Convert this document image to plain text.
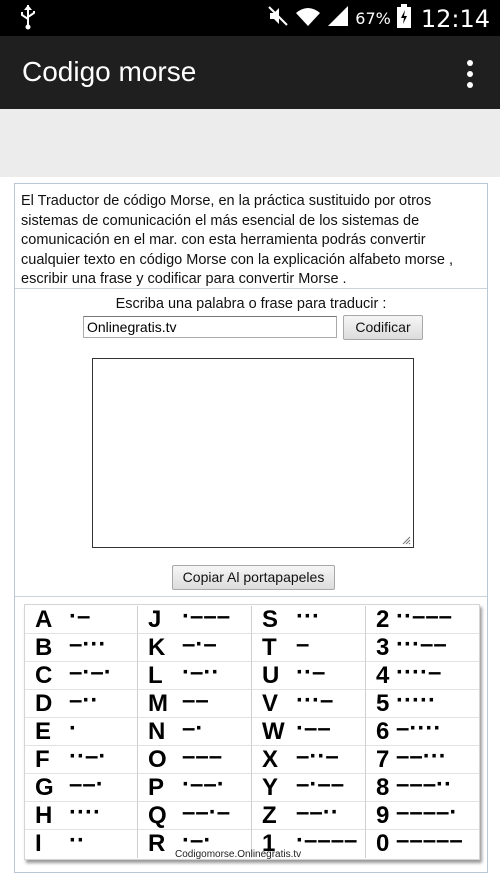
67% 12:14
Codigo morse
El Traductor de código Morse, en la práctica sustituido por otros sistemas de comunicación el más esencial de los sistemas de comunicación en el mar. con esta herramienta podrás convertir cualquier texto en código Morse con la explicación alfabeto morse , escribir una frase y codificar para convertir Morse .
Escriba una palabra o frase para traducir :
Onlinegratis.tv
Codificar
Copiar Al portapapeles
A ·–
B –···
C –·–·
D –··
E ·
F ··–·
G ––·
H ····
I ··
J ·–––
K –·–
L ·–··
M ––
N –·
O –––
P ·––·
Q ––·–
R ·–·
S ···
T –
U ··–
V ···–
W ·––
X –··–
Y –·––
Z ––··
1 ·––––
2 ··–––
3 ···––
4 ····–
5 ·····
6 –····
7 ––···
8 –––··
9 ––––·
0 –––––
Codigomorse.Onlinegratis.tv
